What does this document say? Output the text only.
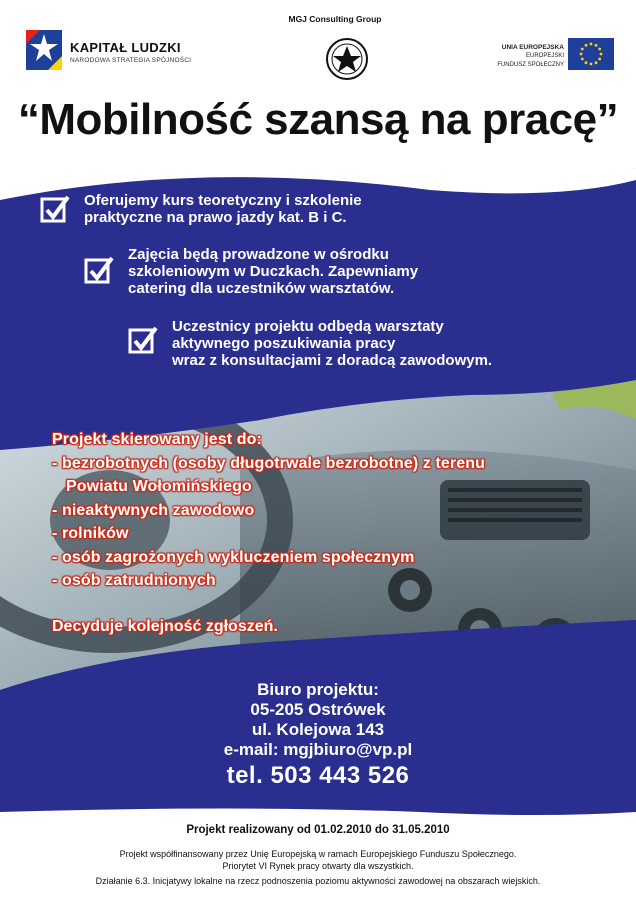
KAPITAŁ LUDZKI
NARODOWA STRATEGIA SPÓJNOŚCI
MGJ Consulting Group
UNIA EUROPEJSKA
EUROPEJSKI
FUNDUSZ SPOŁECZNY
“Mobilność szansą na pracę”
Oferujemy kurs teoretyczny i szkolenie
praktyczne na prawo jazdy kat. B i C.
Zajęcia będą prowadzone w ośrodku
szkoleniowym w Duczkach. Zapewniamy
catering dla uczestników warsztatów.
Uczestnicy projektu odbędą warsztaty
aktywnego poszukiwania pracy
wraz z konsultacjami z doradcą zawodowym.
Projekt skierowany jest do:
- bezrobotnych (osoby długotrwale bezrobotne) z terenu
Powiatu Wołomińskiego
- nieaktywnych zawodowo
- rolników
- osób zagrożonych wykluczeniem społecznym
- osób zatrudnionych
Decyduje kolejność zgłoszeń.
Biuro projektu:
05-205 Ostrówek
ul. Kolejowa 143
e-mail: mgjbiuro@vp.pl
tel. 503 443 526
Projekt realizowany od 01.02.2010 do 31.05.2010
Projekt współfinansowany przez Unię Europejską w ramach Europejskiego Funduszu Społecznego.
Priorytet VI Rynek pracy otwarty dla wszystkich.
Działanie 6.3. Inicjatywy lokalne na rzecz podnoszenia poziomu aktywności zawodowej na obszarach wiejskich.
